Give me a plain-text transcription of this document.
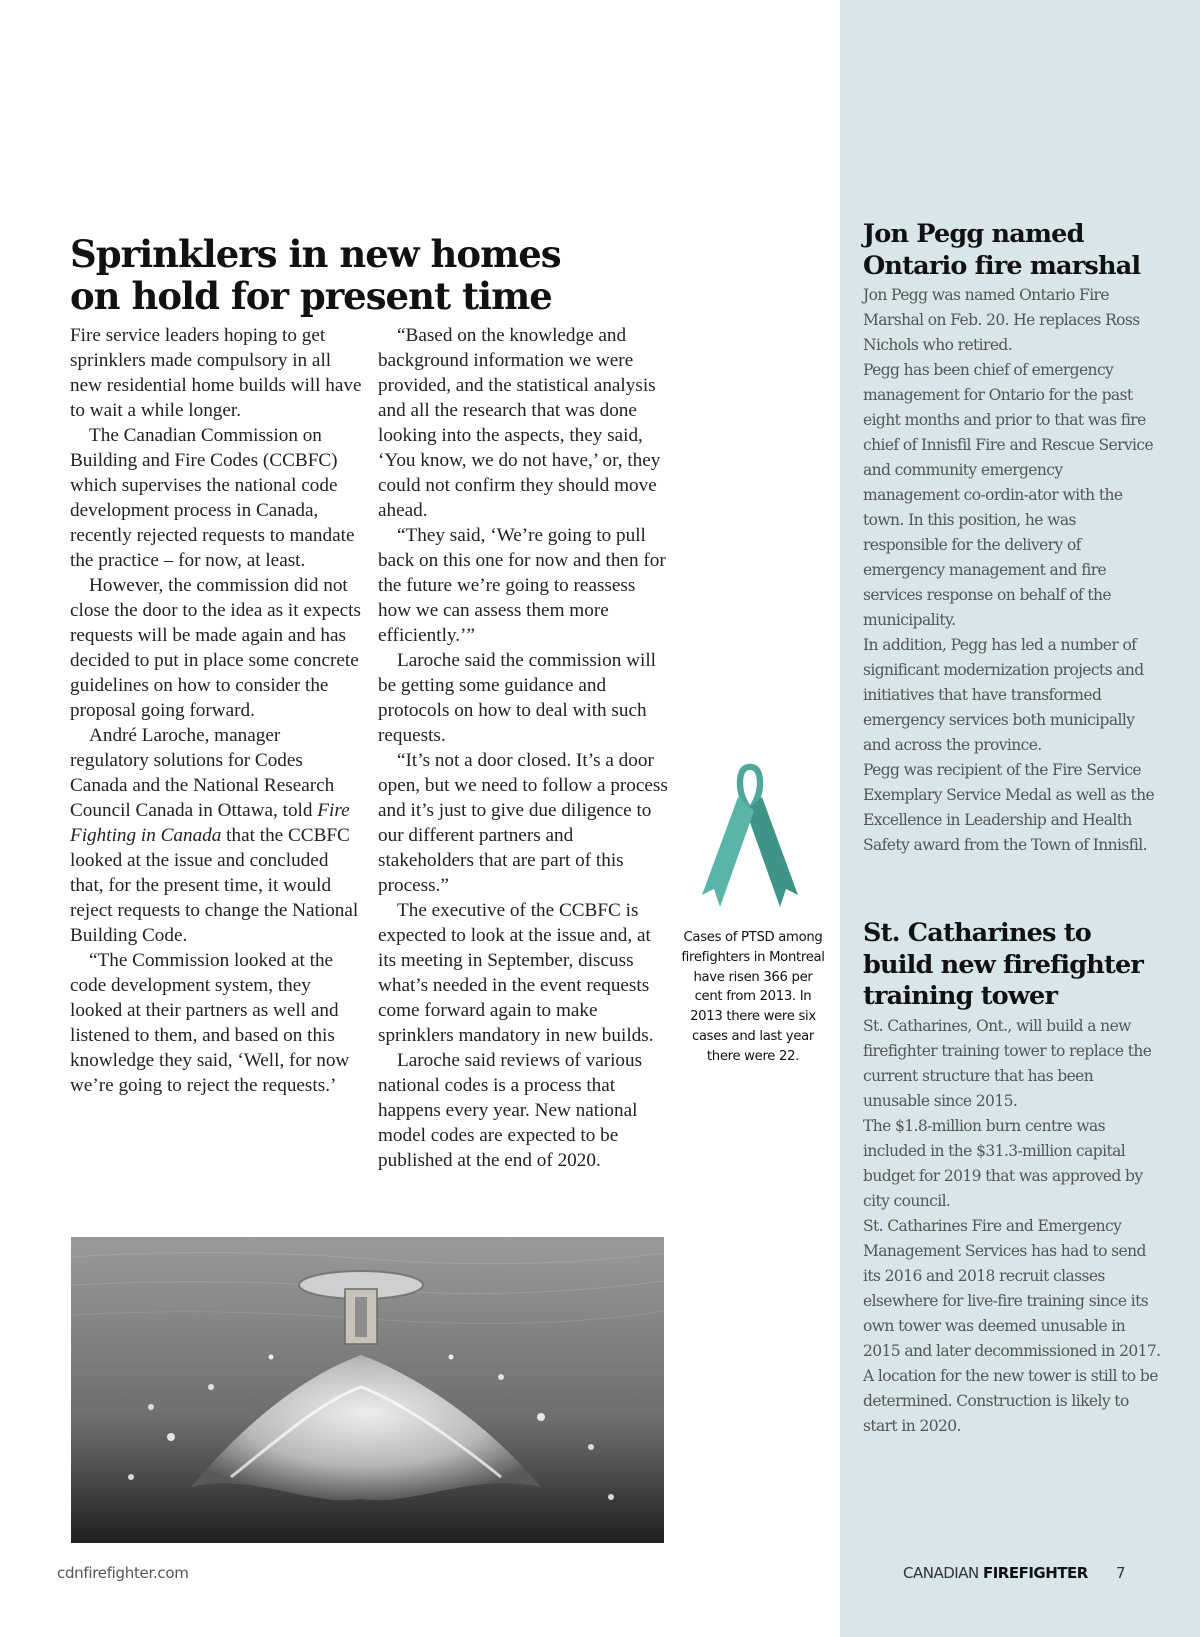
Sprinklers in new homes on hold for present time

Fire service leaders hoping to get sprinklers made compulsory in all new residential home builds will have to wait a while longer.

The Canadian Commission on Building and Fire Codes (CCBFC) which supervises the national code development process in Canada, recently rejected requests to mandate the practice – for now, at least.

However, the commission did not close the door to the idea as it expects requests will be made again and has decided to put in place some concrete guidelines on how to consider the proposal going forward.

André Laroche, manager regulatory solutions for Codes Canada and the National Research Council Canada in Ottawa, told Fire Fighting in Canada that the CCBFC looked at the issue and concluded that, for the present time, it would reject requests to change the National Building Code.

“The Commission looked at the code development system, they looked at their partners as well and listened to them, and based on this knowledge they said, ‘Well, for now we’re going to reject the requests.’

“Based on the knowledge and background information we were provided, and the statistical analysis and all the research that was done looking into the aspects, they said, ‘You know, we do not have,’ or, they could not confirm they should move ahead.

“They said, ‘We’re going to pull back on this one for now and then for the future we’re going to reassess how we can assess them more efficiently.’”

Laroche said the commission will be getting some guidance and protocols on how to deal with such requests.

“It’s not a door closed. It’s a door open, but we need to follow a process and it’s just to give due diligence to our different partners and stakeholders that are part of this process.”

The executive of the CCBFC is expected to look at the issue and, at its meeting in September, discuss what’s needed in the event requests come forward again to make sprinklers mandatory in new builds.

Laroche said reviews of various national codes is a process that happens every year. New national model codes are expected to be published at the end of 2020.

Cases of PTSD among firefighters in Montreal have risen 366 per cent from 2013. In 2013 there were six cases and last year there were 22.
Jon Pegg named Ontario fire marshal

Jon Pegg was named Ontario Fire Marshal on Feb. 20. He replaces Ross Nichols who retired.

Pegg has been chief of emergency management for Ontario for the past eight months and prior to that was fire chief of Innisfil Fire and Rescue Service and community emergency management co-ordin-ator with the town. In this position, he was responsible for the delivery of emergency management and fire services response on behalf of the municipality.

In addition, Pegg has led a number of significant modernization projects and initiatives that have transformed emergency services both municipally and across the province.

Pegg was recipient of the Fire Service Exemplary Service Medal as well as the Excellence in Leadership and Health Safety award from the Town of Innisfil.

St. Catharines to build new firefighter training tower

St. Catharines, Ont., will build a new firefighter training tower to replace the current structure that has been unusable since 2015.

The $1.8-million burn centre was included in the $31.3-million capital budget for 2019 that was approved by city council.

St. Catharines Fire and Emergency Management Services has had to send its 2016 and 2018 recruit classes elsewhere for live-fire training since its own tower was deemed unusable in 2015 and later decommissioned in 2017.

A location for the new tower is still to be determined. Construction is likely to start in 2020.

cdnfirefighter.com	CANADIAN FIREFIGHTER 7
